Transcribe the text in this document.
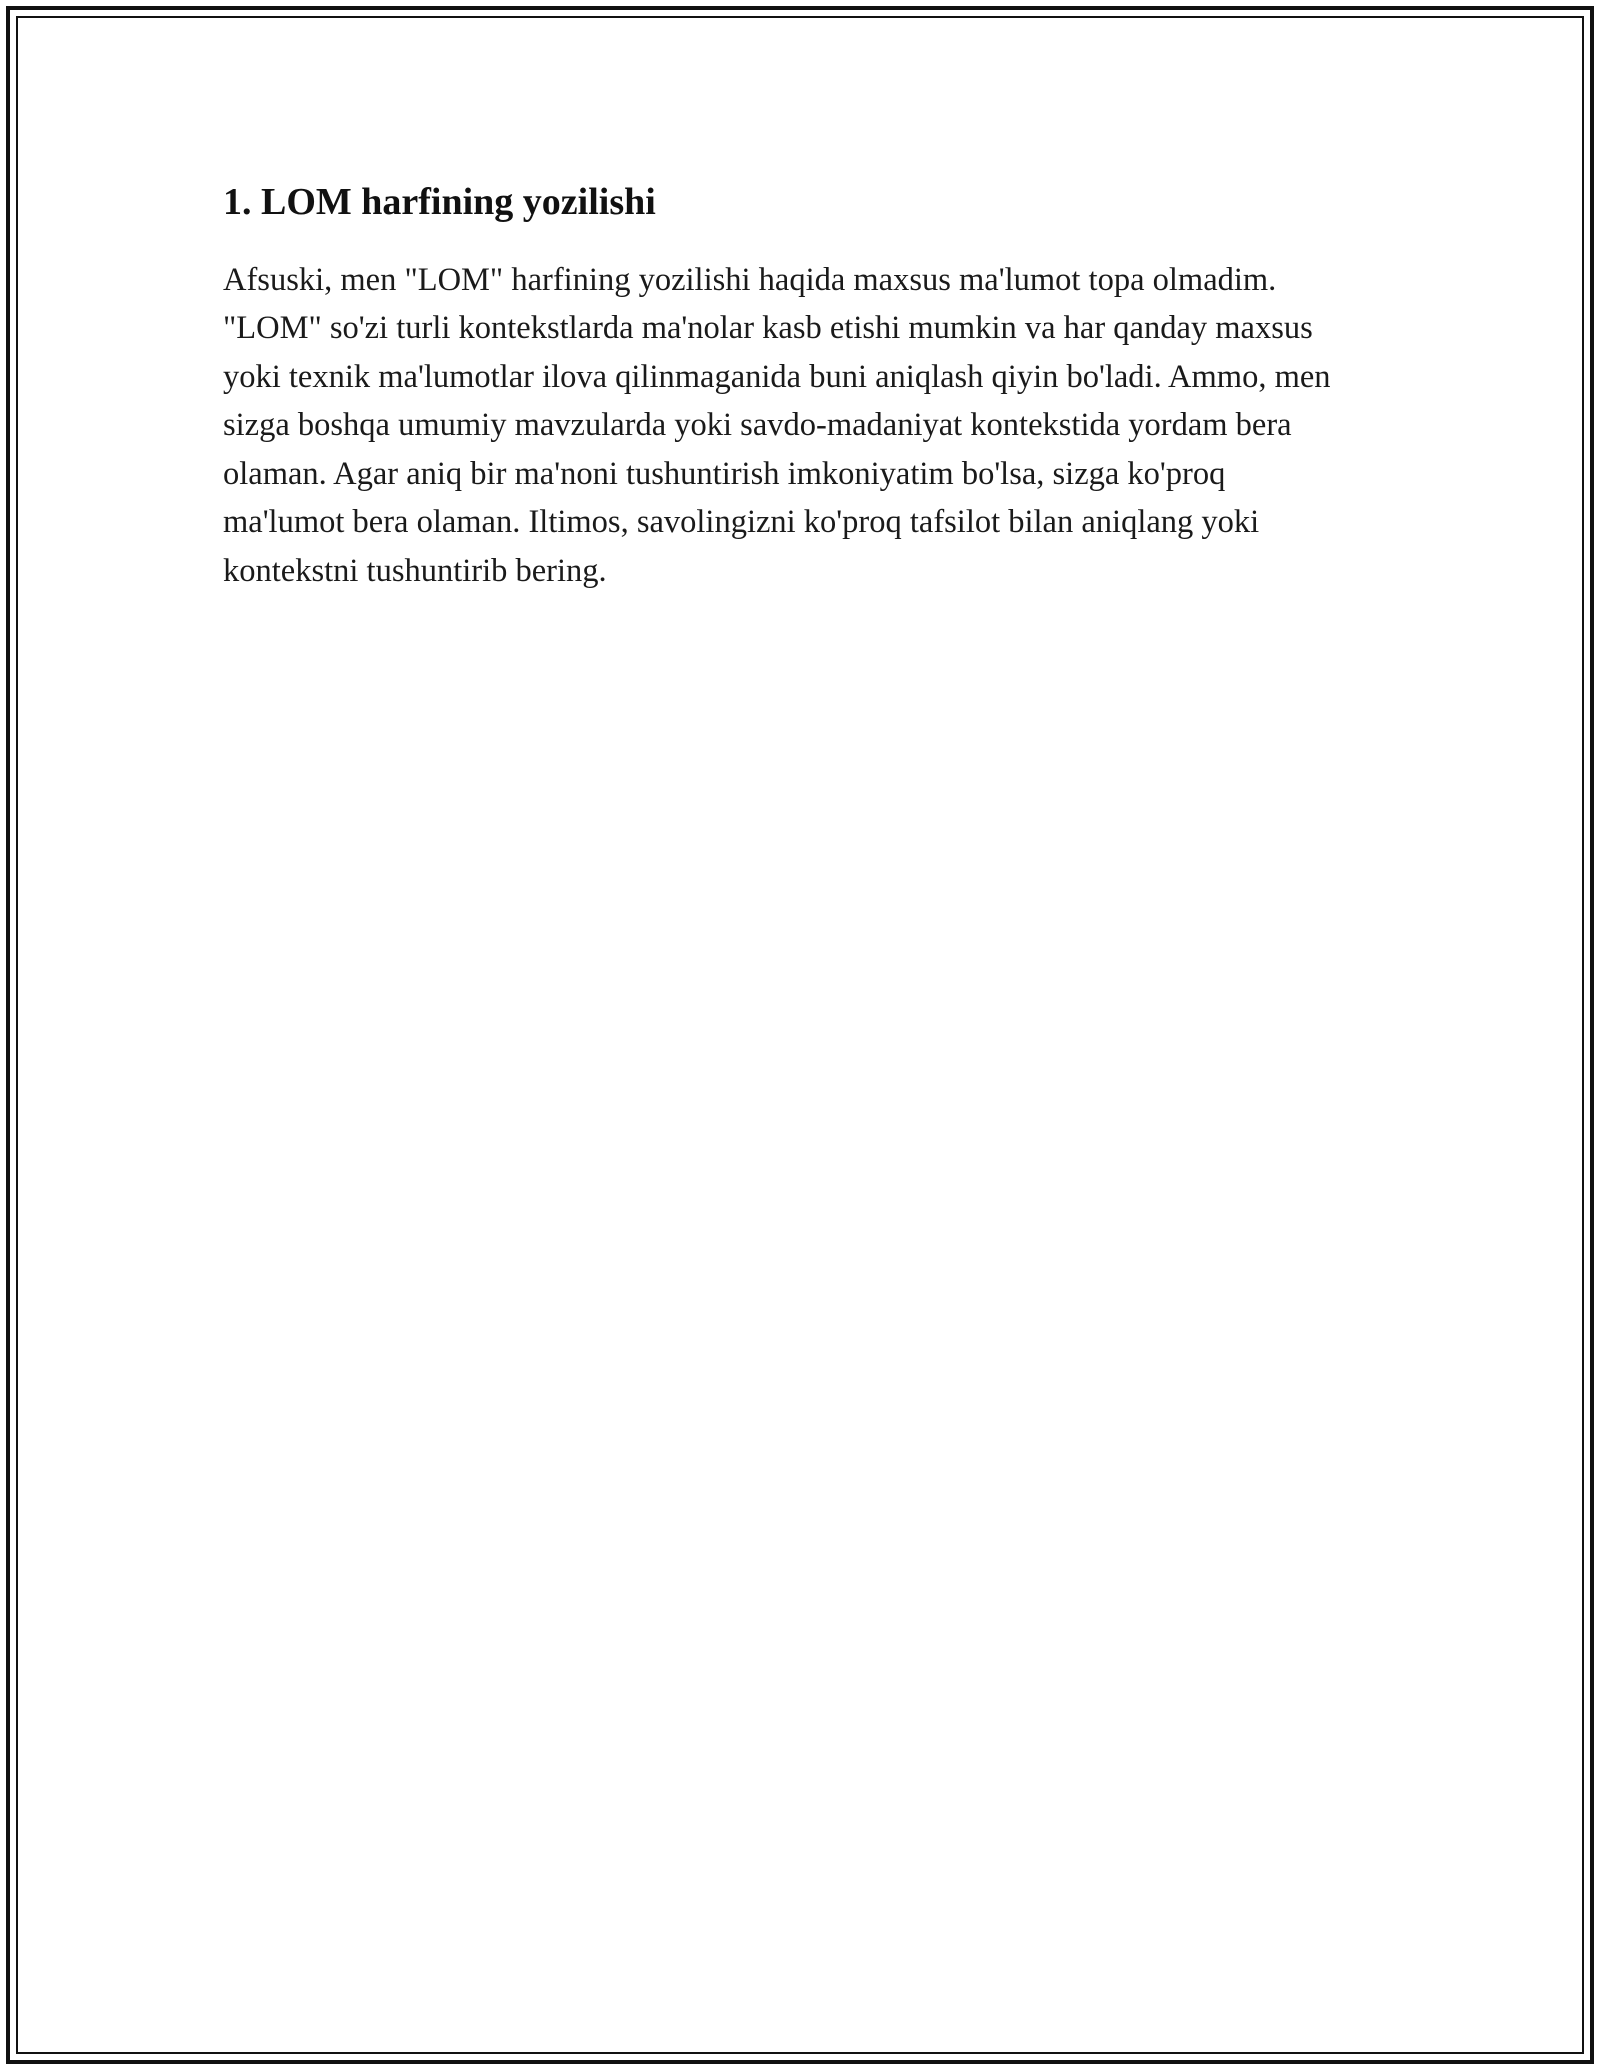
1. LOM harfining yozilishi

Afsuski, men "LOM" harfining yozilishi haqida maxsus ma'lumot topa olmadim. "LOM" so'zi turli kontekstlarda ma'nolar kasb etishi mumkin va har qanday maxsus yoki texnik ma'lumotlar ilova qilinmaganida buni aniqlash qiyin bo'ladi. Ammo, men sizga boshqa umumiy mavzularda yoki savdo-madaniyat kontekstida yordam bera olaman. Agar aniq bir ma'noni tushuntirish imkoniyatim bo'lsa, sizga ko'proq ma'lumot bera olaman. Iltimos, savolingizni ko'proq tafsilot bilan aniqlang yoki kontekstni tushuntirib bering.
